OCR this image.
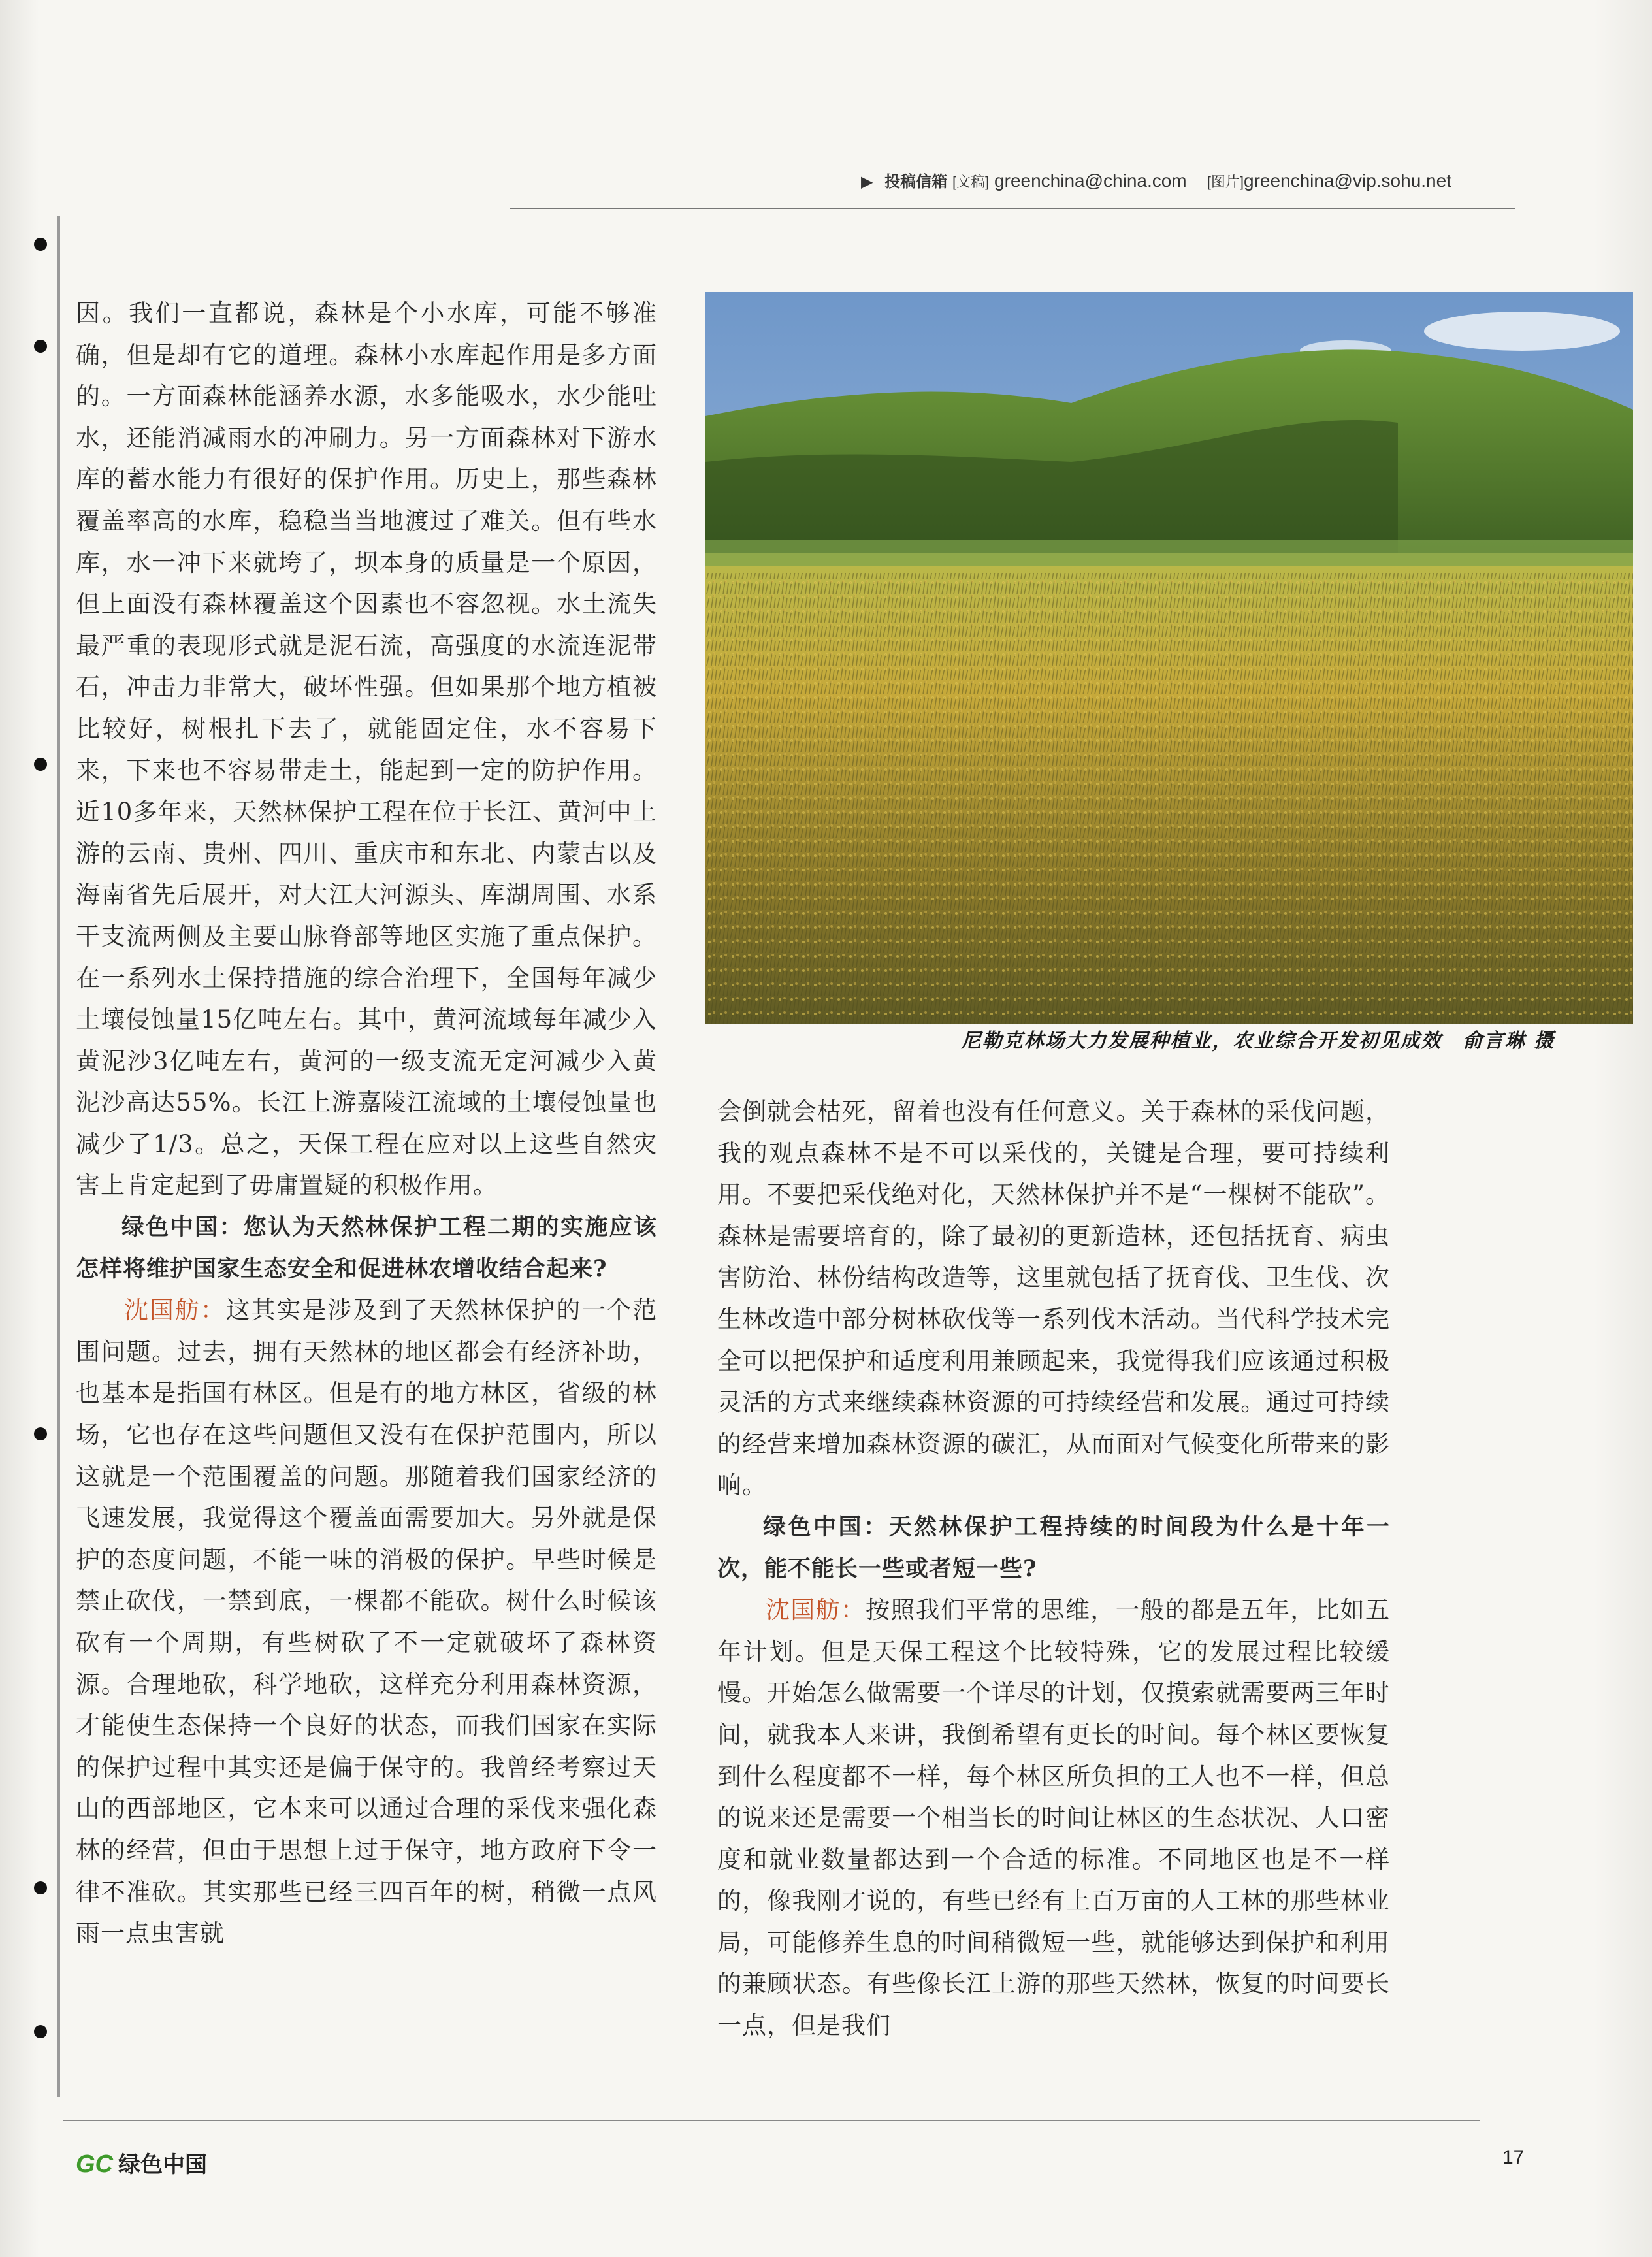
▶ 投稿信箱 [文稿] greenchina@china.com [图片]greenchina@vip.sohu.net

因。我们一直都说，森林是个小水库，可能不够准确，但是却有它的道理。森林小水库起作用是多方面的。一方面森林能涵养水源，水多能吸水，水少能吐水，还能消减雨水的冲刷力。另一方面森林对下游水库的蓄水能力有很好的保护作用。历史上，那些森林覆盖率高的水库，稳稳当当地渡过了难关。但有些水库，水一冲下来就垮了，坝本身的质量是一个原因，但上面没有森林覆盖这个因素也不容忽视。水土流失最严重的表现形式就是泥石流，高强度的水流连泥带石，冲击力非常大，破坏性强。但如果那个地方植被比较好，树根扎下去了，就能固定住，水不容易下来，下来也不容易带走土，能起到一定的防护作用。近10多年来，天然林保护工程在位于长江、黄河中上游的云南、贵州、四川、重庆市和东北、内蒙古以及海南省先后展开，对大江大河源头、库湖周围、水系干支流两侧及主要山脉脊部等地区实施了重点保护。在一系列水土保持措施的综合治理下，全国每年减少土壤侵蚀量15亿吨左右。其中，黄河流域每年减少入黄泥沙3亿吨左右，黄河的一级支流无定河减少入黄泥沙高达55%。长江上游嘉陵江流域的土壤侵蚀量也减少了1/3。总之，天保工程在应对以上这些自然灾害上肯定起到了毋庸置疑的积极作用。

绿色中国：您认为天然林保护工程二期的实施应该怎样将维护国家生态安全和促进林农增收结合起来?

沈国舫：这其实是涉及到了天然林保护的一个范围问题。过去，拥有天然林的地区都会有经济补助，也基本是指国有林区。但是有的地方林区，省级的林场，它也存在这些问题但又没有在保护范围内，所以这就是一个范围覆盖的问题。那随着我们国家经济的飞速发展，我觉得这个覆盖面需要加大。另外就是保护的态度问题，不能一味的消极的保护。早些时候是禁止砍伐，一禁到底，一棵都不能砍。树什么时候该砍有一个周期，有些树砍了不一定就破坏了森林资源。合理地砍，科学地砍，这样充分利用森林资源，才能使生态保持一个良好的状态，而我们国家在实际的保护过程中其实还是偏于保守的。我曾经考察过天山的西部地区，它本来可以通过合理的采伐来强化森林的经营，但由于思想上过于保守，地方政府下令一律不准砍。其实那些已经三四百年的树，稍微一点风雨一点虫害就

尼勒克林场大力发展种植业，农业综合开发初见成效　俞言琳 摄

会倒就会枯死，留着也没有任何意义。关于森林的采伐问题，我的观点森林不是不可以采伐的，关键是合理，要可持续利用。不要把采伐绝对化，天然林保护并不是“一棵树不能砍”。森林是需要培育的，除了最初的更新造林，还包括抚育、病虫害防治、林份结构改造等，这里就包括了抚育伐、卫生伐、次生林改造中部分树林砍伐等一系列伐木活动。当代科学技术完全可以把保护和适度利用兼顾起来，我觉得我们应该通过积极灵活的方式来继续森林资源的可持续经营和发展。通过可持续的经营来增加森林资源的碳汇，从而面对气候变化所带来的影响。

绿色中国：天然林保护工程持续的时间段为什么是十年一次，能不能长一些或者短一些?

沈国舫：按照我们平常的思维，一般的都是五年，比如五年计划。但是天保工程这个比较特殊，它的发展过程比较缓慢。开始怎么做需要一个详尽的计划，仅摸索就需要两三年时间，就我本人来讲，我倒希望有更长的时间。每个林区要恢复到什么程度都不一样，每个林区所负担的工人也不一样，但总的说来还是需要一个相当长的时间让林区的生态状况、人口密度和就业数量都达到一个合适的标准。不同地区也是不一样的，像我刚才说的，有些已经有上百万亩的人工林的那些林业局，可能修养生息的时间稍微短一些，就能够达到保护和利用的兼顾状态。有些像长江上游的那些天然林，恢复的时间要长一点，但是我们

GC 绿色中国	17
